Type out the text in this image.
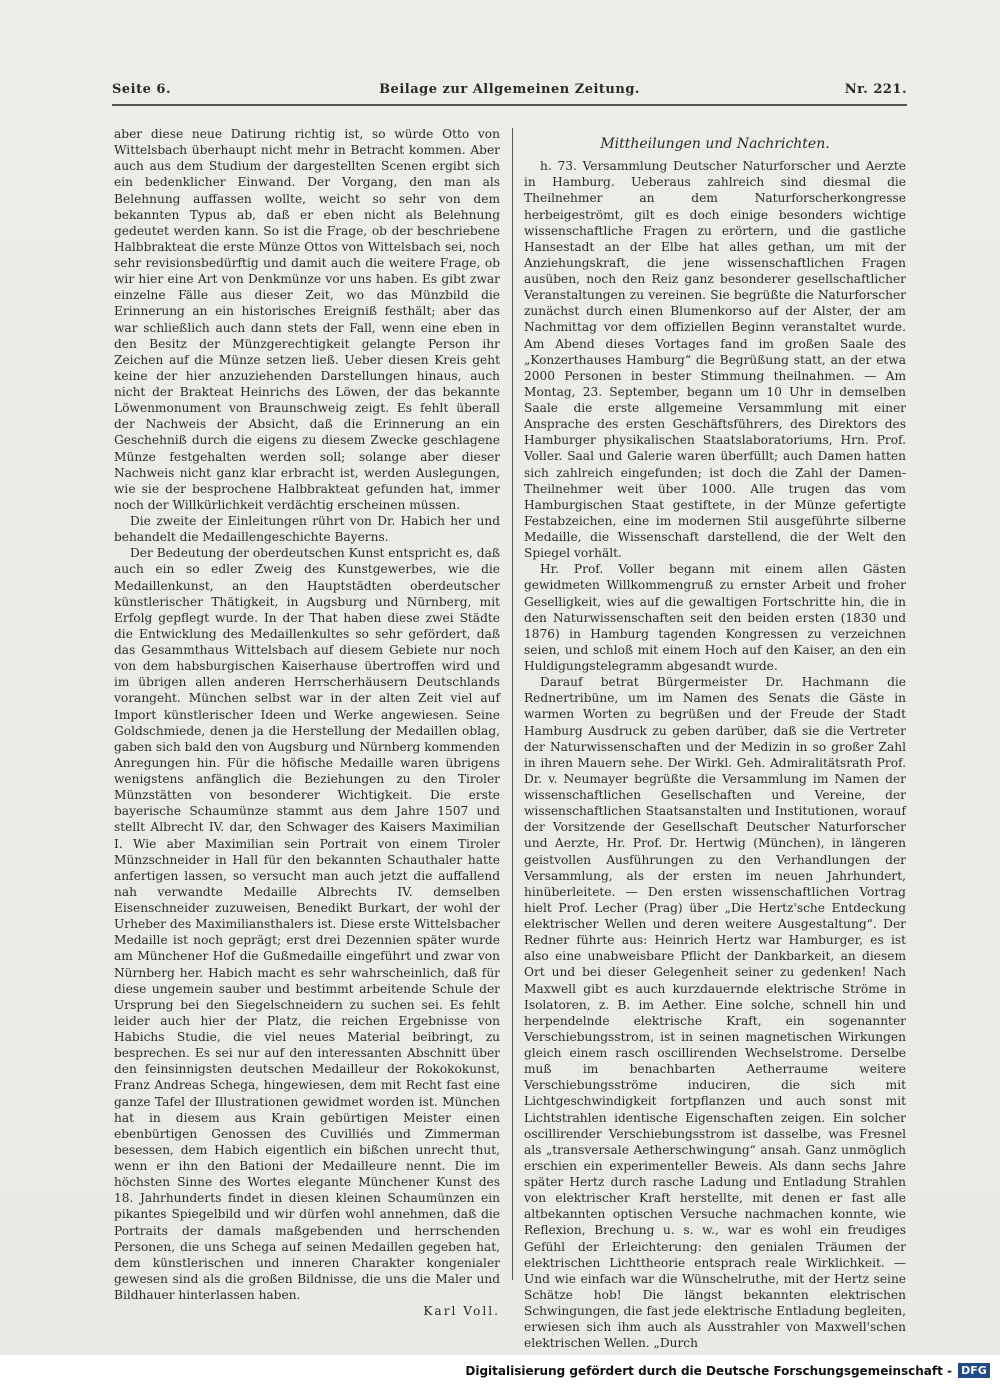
Seite 6.	Beilage zur Allgemeinen Zeitung.	Nr. 221.

aber diese neue Datirung richtig ist, so würde Otto von Wittelsbach überhaupt nicht mehr in Betracht kommen. Aber auch aus dem Studium der dargestellten Scenen ergibt sich ein bedenklicher Einwand. Der Vorgang, den man als Belehnung auffassen wollte, weicht so sehr von dem bekannten Typus ab, daß er eben nicht als Belehnung gedeutet werden kann. So ist die Frage, ob der beschriebene Halbbrakteat die erste Münze Ottos von Wittelsbach sei, noch sehr revisionsbedürftig und damit auch die weitere Frage, ob wir hier eine Art von Denkmünze vor uns haben. Es gibt zwar einzelne Fälle aus dieser Zeit, wo das Münzbild die Erinnerung an ein historisches Ereigniß festhält; aber das war schließlich auch dann stets der Fall, wenn eine eben in den Besitz der Münzgerechtigkeit gelangte Person ihr Zeichen auf die Münze setzen ließ. Ueber diesen Kreis geht keine der hier anzuziehenden Darstellungen hinaus, auch nicht der Brakteat Heinrichs des Löwen, der das bekannte Löwenmonument von Braunschweig zeigt. Es fehlt überall der Nachweis der Absicht, daß die Erinnerung an ein Geschehniß durch die eigens zu diesem Zwecke geschlagene Münze festgehalten werden soll; solange aber dieser Nachweis nicht ganz klar erbracht ist, werden Auslegungen, wie sie der besprochene Halbbrakteat gefunden hat, immer noch der Willkürlichkeit verdächtig erscheinen müssen.

Die zweite der Einleitungen rührt von Dr. Habich her und behandelt die Medaillengeschichte Bayerns.

Der Bedeutung der oberdeutschen Kunst entspricht es, daß auch ein so edler Zweig des Kunstgewerbes, wie die Medaillenkunst, an den Hauptstädten oberdeutscher künstlerischer Thätigkeit, in Augsburg und Nürnberg, mit Erfolg gepflegt wurde. In der That haben diese zwei Städte die Entwicklung des Medaillenkultes so sehr gefördert, daß das Gesammthaus Wittelsbach auf diesem Gebiete nur noch von dem habsburgischen Kaiserhause übertroffen wird und im übrigen allen anderen Herrscherhäusern Deutschlands vorangeht. München selbst war in der alten Zeit viel auf Import künstlerischer Ideen und Werke angewiesen. Seine Goldschmiede, denen ja die Herstellung der Medaillen oblag, gaben sich bald den von Augsburg und Nürnberg kommenden Anregungen hin. Für die höfische Medaille waren übrigens wenigstens anfänglich die Beziehungen zu den Tiroler Münzstätten von besonderer Wichtigkeit. Die erste bayerische Schaumünze stammt aus dem Jahre 1507 und stellt Albrecht IV. dar, den Schwager des Kaisers Maximilian I. Wie aber Maximilian sein Portrait von einem Tiroler Münzschneider in Hall für den bekannten Schauthaler hatte anfertigen lassen, so versucht man auch jetzt die auffallend nah verwandte Medaille Albrechts IV. demselben Eisenschneider zuzuweisen, Benedikt Burkart, der wohl der Urheber des Maximiliansthalers ist. Diese erste Wittelsbacher Medaille ist noch geprägt; erst drei Dezennien später wurde am Münchener Hof die Gußmedaille eingeführt und zwar von Nürnberg her. Habich macht es sehr wahrscheinlich, daß für diese ungemein sauber und bestimmt arbeitende Schule der Ursprung bei den Siegelschneidern zu suchen sei. Es fehlt leider auch hier der Platz, die reichen Ergebnisse von Habichs Studie, die viel neues Material beibringt, zu besprechen. Es sei nur auf den interessanten Abschnitt über den feinsinnigsten deutschen Medailleur der Rokokokunst, Franz Andreas Schega, hingewiesen, dem mit Recht fast eine ganze Tafel der Illustrationen gewidmet worden ist. München hat in diesem aus Krain gebürtigen Meister einen ebenbürtigen Genossen des Cuvilliés und Zimmerman besessen, dem Habich eigentlich ein bißchen unrecht thut, wenn er ihn den Bationi der Medailleure nennt. Die im höchsten Sinne des Wortes elegante Münchener Kunst des 18. Jahrhunderts findet in diesen kleinen Schaumünzen ein pikantes Spiegelbild und wir dürfen wohl annehmen, daß die Portraits der damals maßgebenden und herrschenden Personen, die uns Schega auf seinen Medaillen gegeben hat, dem künstlerischen und inneren Charakter kongenialer gewesen sind als die großen Bildnisse, die uns die Maler und Bildhauer hinterlassen haben.

Karl Voll.

Mittheilungen und Nachrichten.

h. 73. Versammlung Deutscher Naturforscher und Aerzte in Hamburg. Ueberaus zahlreich sind diesmal die Theilnehmer an dem Naturforscherkongresse herbeigeströmt, gilt es doch einige besonders wichtige wissenschaftliche Fragen zu erörtern, und die gastliche Hansestadt an der Elbe hat alles gethan, um mit der Anziehungskraft, die jene wissenschaftlichen Fragen ausüben, noch den Reiz ganz besonderer gesellschaftlicher Veranstaltungen zu vereinen. Sie begrüßte die Naturforscher zunächst durch einen Blumenkorso auf der Alster, der am Nachmittag vor dem offiziellen Beginn veranstaltet wurde. Am Abend dieses Vortages fand im großen Saale des „Konzerthauses Hamburg“ die Begrüßung statt, an der etwa 2000 Personen in bester Stimmung theilnahmen. — Am Montag, 23. September, begann um 10 Uhr in demselben Saale die erste allgemeine Versammlung mit einer Ansprache des ersten Geschäftsführers, des Direktors des Hamburger physikalischen Staatslaboratoriums, Hrn. Prof. Voller. Saal und Galerie waren überfüllt; auch Damen hatten sich zahlreich eingefunden; ist doch die Zahl der Damen-Theilnehmer weit über 1000. Alle trugen das vom Hamburgischen Staat gestiftete, in der Münze gefertigte Festabzeichen, eine im modernen Stil ausgeführte silberne Medaille, die Wissenschaft darstellend, die der Welt den Spiegel vorhält.

Hr. Prof. Voller begann mit einem allen Gästen gewidmeten Willkommengruß zu ernster Arbeit und froher Geselligkeit, wies auf die gewaltigen Fortschritte hin, die in den Naturwissenschaften seit den beiden ersten (1830 und 1876) in Hamburg tagenden Kongressen zu verzeichnen seien, und schloß mit einem Hoch auf den Kaiser, an den ein Huldigungstelegramm abgesandt wurde.

Darauf betrat Bürgermeister Dr. Hachmann die Rednertribüne, um im Namen des Senats die Gäste in warmen Worten zu begrüßen und der Freude der Stadt Hamburg Ausdruck zu geben darüber, daß sie die Vertreter der Naturwissenschaften und der Medizin in so großer Zahl in ihren Mauern sehe. Der Wirkl. Geh. Admiralitätsrath Prof. Dr. v. Neumayer begrüßte die Versammlung im Namen der wissenschaftlichen Gesellschaften und Vereine, der wissenschaftlichen Staatsanstalten und Institutionen, worauf der Vorsitzende der Gesellschaft Deutscher Naturforscher und Aerzte, Hr. Prof. Dr. Hertwig (München), in längeren geistvollen Ausführungen zu den Verhandlungen der Versammlung, als der ersten im neuen Jahrhundert, hinüberleitete. — Den ersten wissenschaftlichen Vortrag hielt Prof. Lecher (Prag) über „Die Hertz'sche Entdeckung elektrischer Wellen und deren weitere Ausgestaltung“. Der Redner führte aus: Heinrich Hertz war Hamburger, es ist also eine unabweisbare Pflicht der Dankbarkeit, an diesem Ort und bei dieser Gelegenheit seiner zu gedenken! Nach Maxwell gibt es auch kurzdauernde elektrische Ströme in Isolatoren, z. B. im Aether. Eine solche, schnell hin und herpendelnde elektrische Kraft, ein sogenannter Verschiebungsstrom, ist in seinen magnetischen Wirkungen gleich einem rasch oscillirenden Wechselstrome. Derselbe muß im benachbarten Aetherraume weitere Verschiebungsströme induciren, die sich mit Lichtgeschwindigkeit fortpflanzen und auch sonst mit Lichtstrahlen identische Eigenschaften zeigen. Ein solcher oscillirender Verschiebungsstrom ist dasselbe, was Fresnel als „transversale Aetherschwingung“ ansah. Ganz unmöglich erschien ein experimenteller Beweis. Als dann sechs Jahre später Hertz durch rasche Ladung und Entladung Strahlen von elektrischer Kraft herstellte, mit denen er fast alle altbekannten optischen Versuche nachmachen konnte, wie Reflexion, Brechung u. s. w., war es wohl ein freudiges Gefühl der Erleichterung: den genialen Träumen der elektrischen Lichttheorie entsprach reale Wirklichkeit. — Und wie einfach war die Wünschelruthe, mit der Hertz seine Schätze hob! Die längst bekannten elektrischen Schwingungen, die fast jede elektrische Entladung begleiten, erwiesen sich ihm auch als Ausstrahler von Maxwell'schen elektrischen Wellen. „Durch

Digitalisierung gefördert durch die Deutsche Forschungsgemeinschaft - DFG
